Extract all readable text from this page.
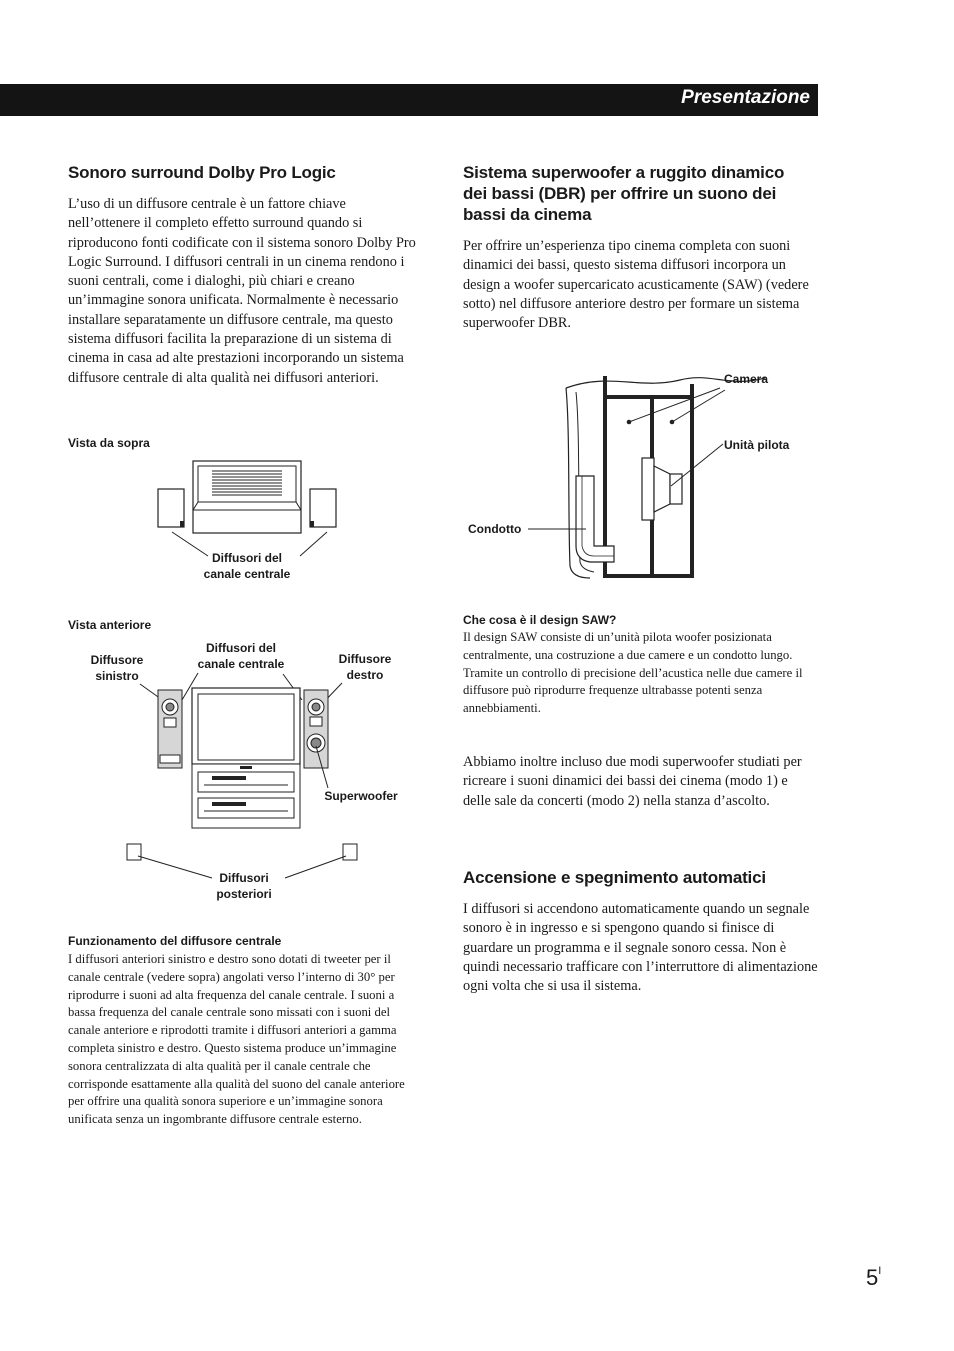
Presentazione
Sonoro surround Dolby Pro Logic

L’uso di un diffusore centrale è un fattore chiave nell’ottenere il completo effetto surround quando si riproducono fonti codificate con il sistema sonoro Dolby Pro Logic Surround. I diffusori centrali in un cinema rendono i suoni centrali, come i dialoghi, più chiari e creano un’immagine sonora unificata. Normalmente è necessario installare separatamente un diffusore centrale, ma questo sistema diffusori facilita la preparazione di un sistema di cinema in casa ad alte prestazioni incorporando un sistema diffusore centrale di alta qualità nei diffusori anteriori.

Vista da sopra
Diffusori del
canale centrale
Vista anteriore
Diffusore
sinistro
Diffusori del
canale centrale	Diffusore
destro
Superwoofer
Diffusori
posteriori
Funzionamento del diffusore centrale

I diffusori anteriori sinistro e destro sono dotati di tweeter per il canale centrale (vedere sopra) angolati verso l’interno di 30° per riprodurre i suoni ad alta frequenza del canale centrale. I suoni a bassa frequenza del canale centrale sono missati con i suoni del canale anteriore e riprodotti tramite i diffusori anteriori a gamma completa sinistro e destro. Questo sistema produce un’immagine sonora centralizzata di alta qualità per il canale centrale che corrisponde esattamente alla qualità del suono del canale anteriore per offrire una qualità sonora superiore e un’immagine sonora unificata senza un ingombrante diffusore centrale esterno.

Sistema superwoofer a ruggito dinamico
dei bassi (DBR) per offrire un suono dei
bassi da cinema

Per offrire un’esperienza tipo cinema completa con suoni dinamici dei bassi, questo sistema diffusori incorpora un design a woofer supercaricato acusticamente (SAW) (vedere sotto) nel diffusore anteriore destro per formare un sistema superwoofer DBR.

Camera
Unità pilota
Condotto
Che cosa è il design SAW?

Il design SAW consiste di un’unità pilota woofer posizionata centralmente, una costruzione a due camere e un condotto lungo.

Tramite un controllo di precisione dell’acustica nelle due camere il diffusore può riprodurre frequenze ultrabasse potenti senza annebbiamenti.

Abbiamo inoltre incluso due modi superwoofer studiati per ricreare i suoni dinamici dei bassi dei cinema (modo 1) e delle sale da concerti (modo 2) nella stanza d’ascolto.

Accensione e spegnimento automatici

I diffusori si accendono automaticamente quando un segnale sonoro è in ingresso e si spengono quando si finisce di guardare un programma e il segnale sonoro cessa. Non è quindi necessario trafficare con l’interruttore di alimentazione ogni volta che si usa il sistema.

$5^I$
